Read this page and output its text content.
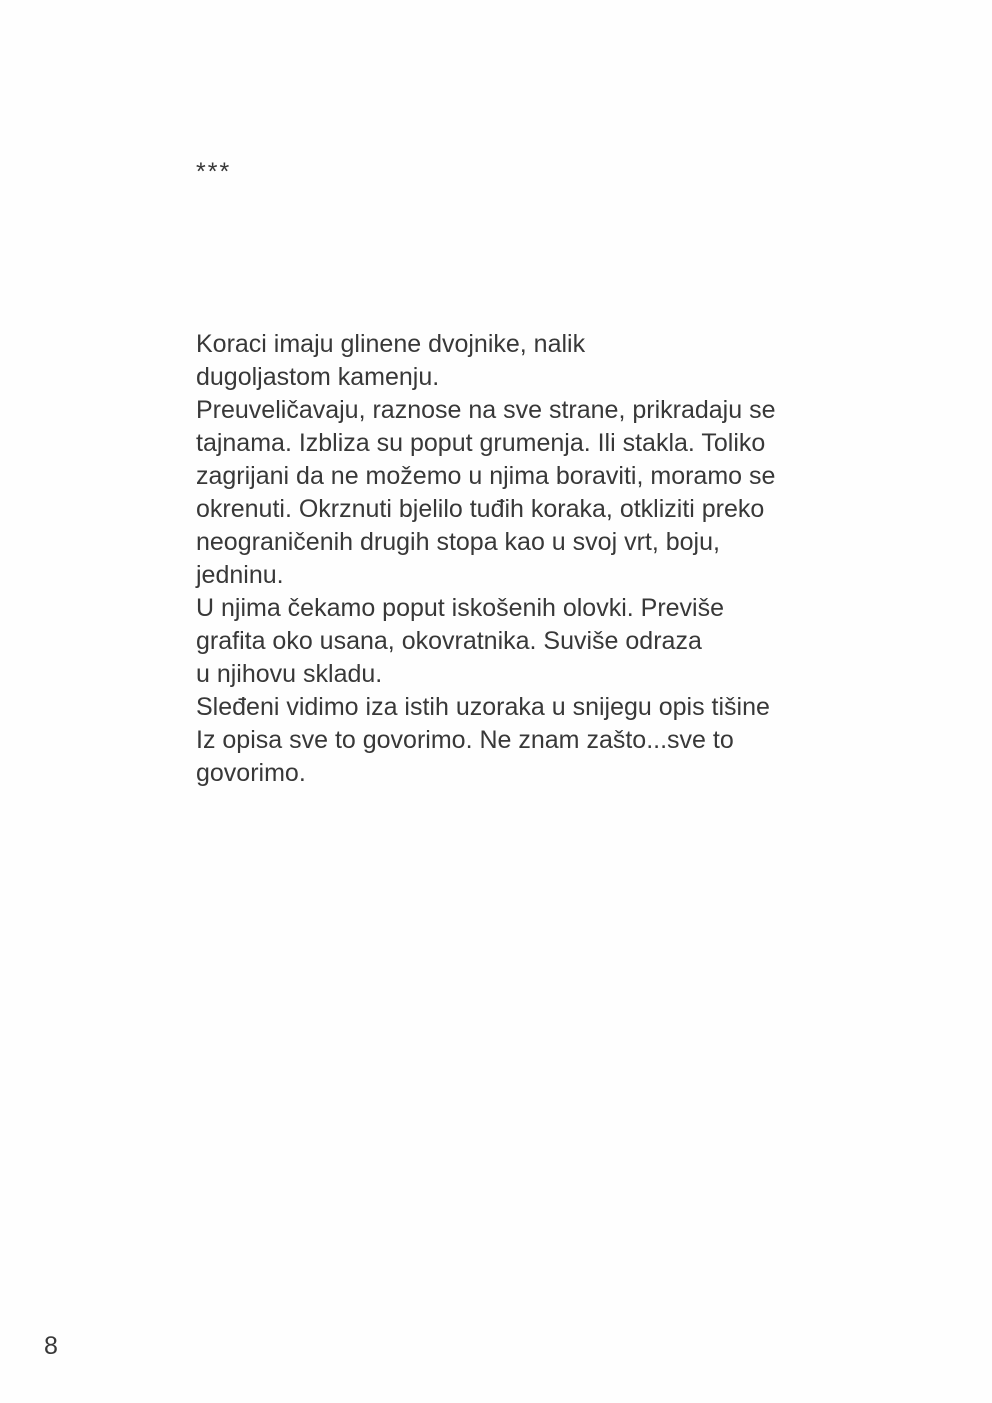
***
Koraci imaju glinene dvojnike, nalik
dugoljastom kamenju.
Preuveličavaju, raznose na sve strane, prikradaju se
tajnama. Izbliza su poput grumenja. Ili stakla. Toliko
zagrijani da ne možemo u njima boraviti, moramo se
okrenuti. Okrznuti bjelilo tuđih koraka, otkliziti preko
neograničenih drugih stopa kao u svoj vrt, boju,
jedninu.
U njima čekamo poput iskošenih olovki. Previše
grafita oko usana, okovratnika. Suviše odraza
u njihovu skladu.
Sleđeni vidimo iza istih uzoraka u snijegu opis tišine
Iz opisa sve to govorimo. Ne znam zašto...sve to
govorimo.
8
